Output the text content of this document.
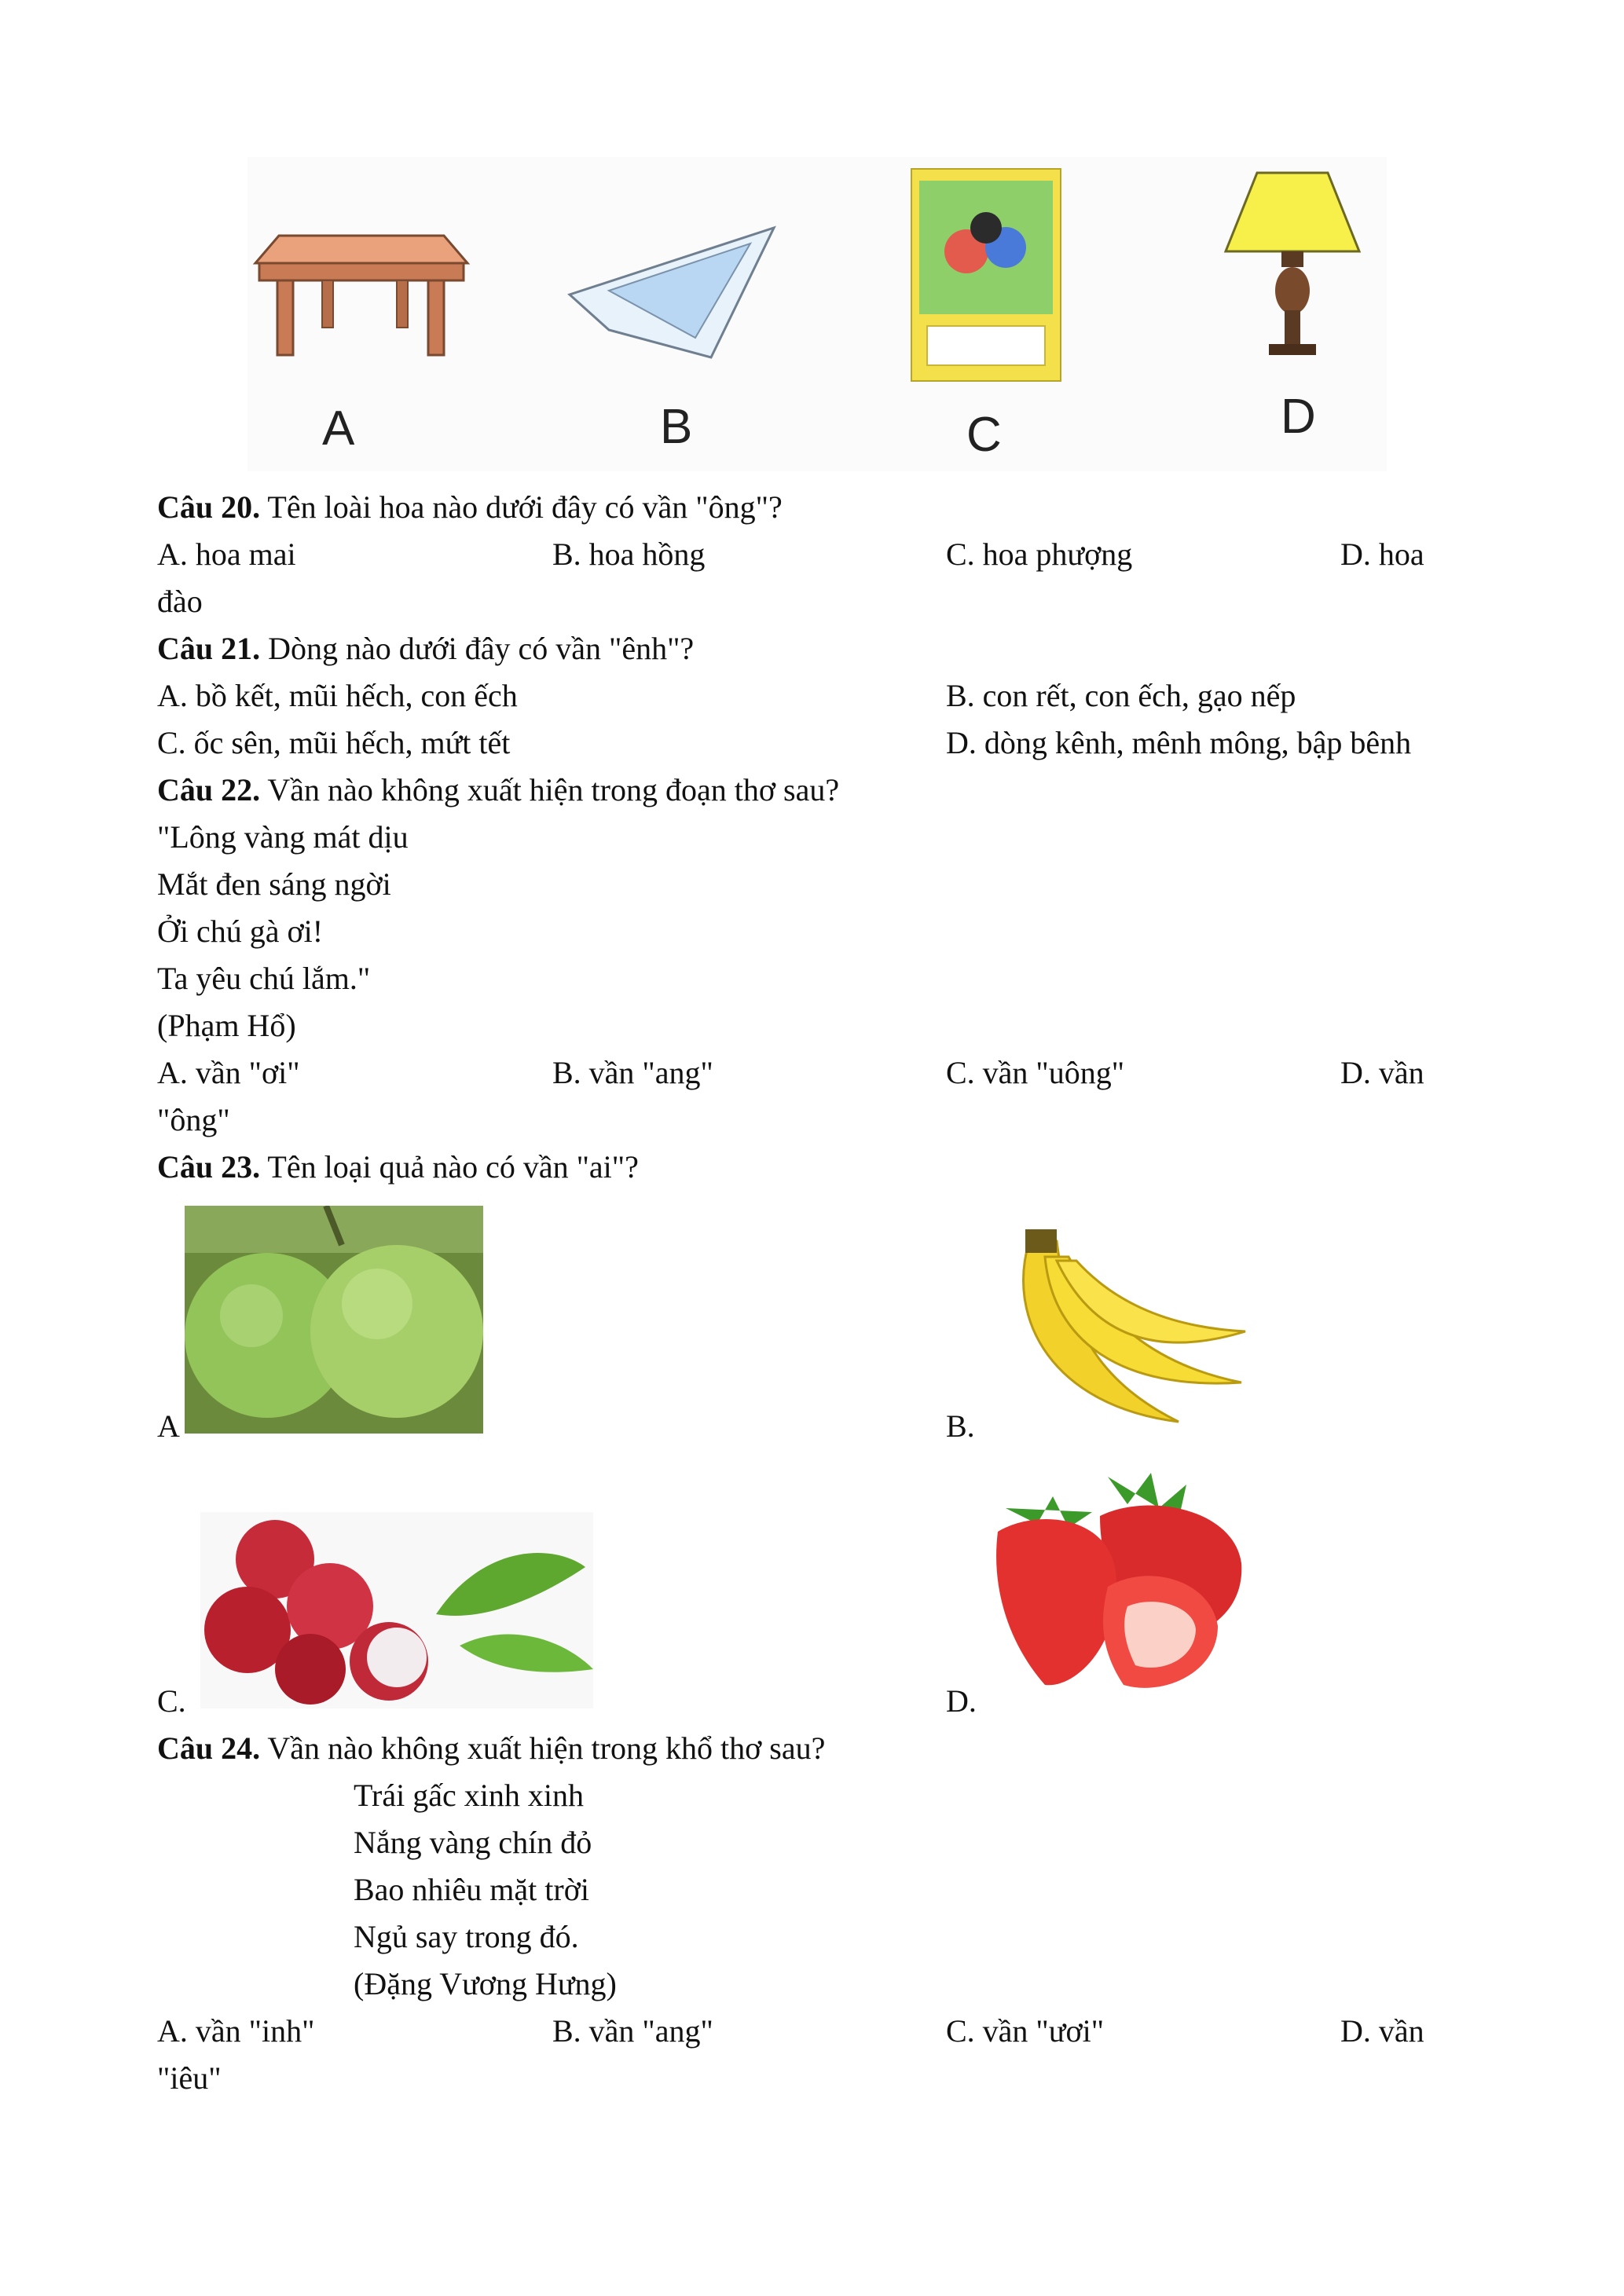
A	B	C	D
Câu 20. Tên loài hoa nào dưới đây có vần "ông"?
A. hoa mai	B. hoa hồng	C. hoa phượng	D. hoa
đào
Câu 21. Dòng nào dưới đây có vần "ênh"?
A. bồ kết, mũi hếch, con ếch	B. con rết, con ếch, gạo nếp
C. ốc sên, mũi hếch, mứt tết	D. dòng kênh, mênh mông, bập bênh
Câu 22. Vần nào không xuất hiện trong đoạn thơ sau?
"Lông vàng mát dịu
Mắt đen sáng ngời
Ởi chú gà ơi!
Ta yêu chú lắm."
(Phạm Hổ)
A. vần "ơi"	B. vần "ang"	C. vần "uông"	D. vần
"ông"
Câu 23. Tên loại quả nào có vần "ai"?
A	B.
C.	D.
Câu 24. Vần nào không xuất hiện trong khổ thơ sau?
Trái gấc xinh xinh
Nắng vàng chín đỏ
Bao nhiêu mặt trời
Ngủ say trong đó.
(Đặng Vương Hưng)
A. vần "inh"	B. vần "ang"	C. vần "ươi"	D. vần
"iêu"
